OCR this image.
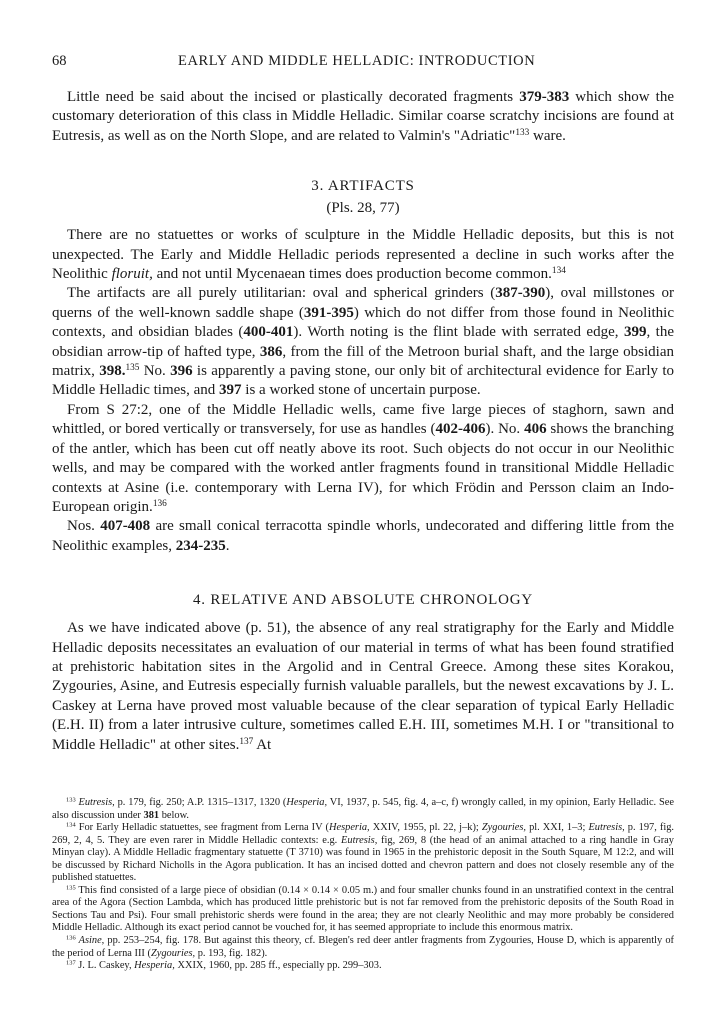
68	EARLY AND MIDDLE HELLADIC: INTRODUCTION

Little need be said about the incised or plastically decorated fragments 379-383 which show the customary deterioration of this class in Middle Helladic. Similar coarse scratchy incisions are found at Eutresis, as well as on the North Slope, and are related to Valmin's "Adriatic"$^{133}$ ware.

3. ARTIFACTS

(Pls. 28, 77)

There are no statuettes or works of sculpture in the Middle Helladic deposits, but this is not unexpected. The Early and Middle Helladic periods represented a decline in such works after the Neolithic floruit, and not until Mycenaean times does production become common.$^{134}$

The artifacts are all purely utilitarian: oval and spherical grinders (387-390), oval millstones or querns of the well-known saddle shape (391-395) which do not differ from those found in Neolithic contexts, and obsidian blades (400-401). Worth noting is the flint blade with serrated edge, 399, the obsidian arrow-tip of hafted type, 386, from the fill of the Metroon burial shaft, and the large obsidian matrix, 398.$^{135}$ No. 396 is apparently a paving stone, our only bit of architectural evidence for Early to Middle Helladic times, and 397 is a worked stone of uncertain purpose.

From S 27:2, one of the Middle Helladic wells, came five large pieces of staghorn, sawn and whittled, or bored vertically or transversely, for use as handles (402-406). No. 406 shows the branching of the antler, which has been cut off neatly above its root. Such objects do not occur in our Neolithic wells, and may be compared with the worked antler fragments found in transitional Middle Helladic contexts at Asine (i.e. contemporary with Lerna IV), for which Frödin and Persson claim an Indo-European origin.$^{136}$

Nos. 407-408 are small conical terracotta spindle whorls, undecorated and differing little from the Neolithic examples, 234-235.

4. RELATIVE AND ABSOLUTE CHRONOLOGY

As we have indicated above (p. 51), the absence of any real stratigraphy for the Early and Middle Helladic deposits necessitates an evaluation of our material in terms of what has been found stratified at prehistoric habitation sites in the Argolid and in Central Greece. Among these sites Korakou, Zygouries, Asine, and Eutresis especially furnish valuable parallels, but the newest excavations by J. L. Caskey at Lerna have proved most valuable because of the clear separation of typical Early Helladic (E.H. II) from a later intrusive culture, sometimes called E.H. III, sometimes M.H. I or "transitional to Middle Helladic" at other sites.$^{137}$ At

$^{133}$ Eutresis, p. 179, fig. 250; A.P. 1315–1317, 1320 (Hesperia, VI, 1937, p. 545, fig. 4, a–c, f) wrongly called, in my opinion, Early Helladic. See also discussion under 381 below.

$^{134}$ For Early Helladic statuettes, see fragment from Lerna IV (Hesperia, XXIV, 1955, pl. 22, j–k); Zygouries, pl. XXI, 1–3; Eutresis, p. 197, fig. 269, 2, 4, 5. They are even rarer in Middle Helladic contexts: e.g. Eutresis, fig, 269, 8 (the head of an animal attached to a ring handle in Gray Minyan clay). A Middle Helladic fragmentary statuette (T 3710) was found in 1965 in the prehistoric deposit in the South Square, M 12:2, and will be discussed by Richard Nicholls in the Agora publication. It has an incised dotted and chevron pattern and does not closely resemble any of the published statuettes.

$^{135}$ This find consisted of a large piece of obsidian (0.14 × 0.14 × 0.05 m.) and four smaller chunks found in an unstratified context in the central area of the Agora (Section Lambda, which has produced little prehistoric but is not far removed from the prehistoric deposits of the South Road in Sections Tau and Psi). Four small prehistoric sherds were found in the area; they are not clearly Neolithic and may more probably be considered Middle Helladic. Although its exact period cannot be vouched for, it has seemed appropriate to include this enormous matrix.

$^{136}$ Asine, pp. 253–254, fig. 178. But against this theory, cf. Blegen's red deer antler fragments from Zygouries, House D, which is apparently of the period of Lerna III (Zygouries, p. 193, fig. 182).

$^{137}$ J. L. Caskey, Hesperia, XXIX, 1960, pp. 285 ff., especially pp. 299–303.
